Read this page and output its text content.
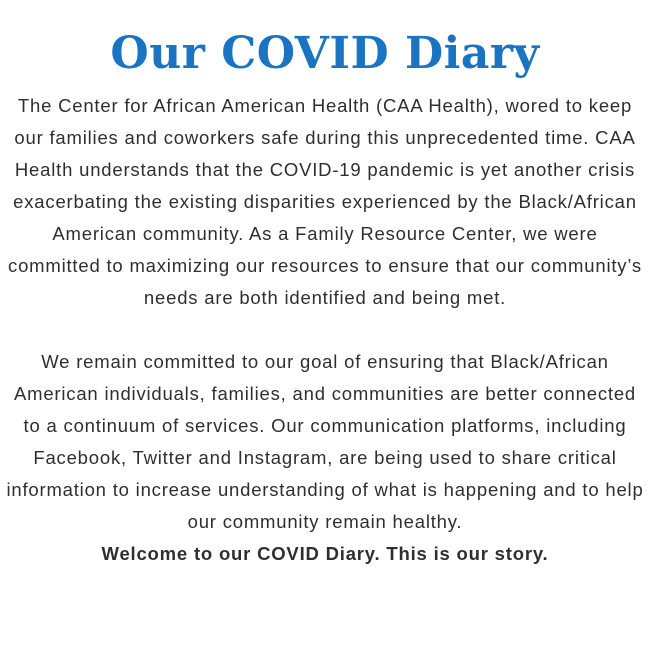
Our COVID Diary

The Center for African American Health (CAA Health), wored to keep our families and coworkers safe during this unprecedented time. CAA Health understands that the COVID-19 pandemic is yet another crisis exacerbating the existing disparities experienced by the Black/African American community. As a Family Resource Center, we were committed to maximizing our resources to ensure that our community’s needs are both identified and being met.

We remain committed to our goal of ensuring that Black/African American individuals, families, and communities are better connected to a continuum of services. Our communication platforms, including Facebook, Twitter and Instagram, are being used to share critical information to increase understanding of what is happening and to help our community remain healthy.

Welcome to our COVID Diary. This is our story.
